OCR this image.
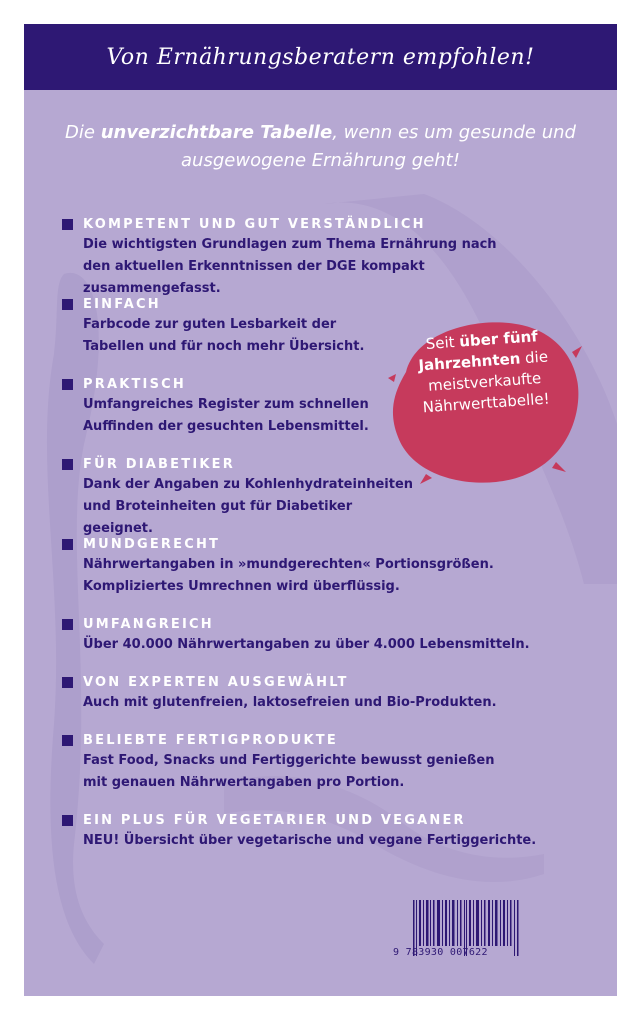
Von Ernährungsberatern empfohlen!
Die unverzichtbare Tabelle, wenn es um gesunde und ausgewogene Ernährung geht!
KOMPETENT UND GUT VERSTÄNDLICH
Die wichtigsten Grundlagen zum Thema Ernährung nach den aktuellen Erkenntnissen der DGE kompakt zusammengefasst.
EINFACH
Farbcode zur guten Lesbarkeit der Tabellen und für noch mehr Übersicht.
PRAKTISCH
Umfangreiches Register zum schnellen Auffinden der gesuchten Lebensmittel.
FÜR DIABETIKER
Dank der Angaben zu Kohlenhydrateinheiten und Broteinheiten gut für Diabetiker geeignet.
MUNDGERECHT
Nährwertangaben in »mundgerechten« Portionsgrößen. Kompliziertes Umrechnen wird überflüssig.
UMFANGREICH
Über 40.000 Nährwertangaben zu über 4.000 Lebensmitteln.
VON EXPERTEN AUSGEWÄHLT
Auch mit glutenfreien, laktosefreien und Bio-Produkten.
BELIEBTE FERTIGPRODUKTE
Fast Food, Snacks und Fertiggerichte bewusst genießen mit genauen Nährwertangaben pro Portion.
EIN PLUS FÜR VEGETARIER UND VEGANER
NEU! Übersicht über vegetarische und vegane Fertiggerichte.
Seit über fünf Jahrzehnten die meistverkaufte Nährwerttabelle!
9 783930 007622
